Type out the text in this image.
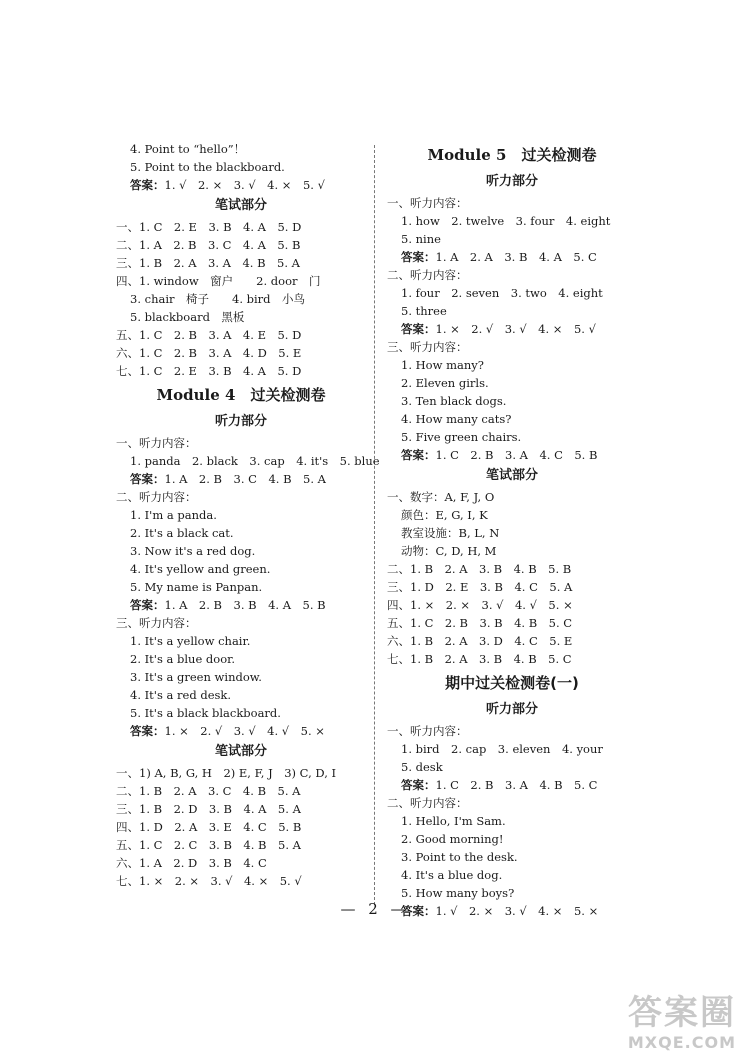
4. Point to “hello”！
5. Point to the blackboard.
答案：1. √　2. ×　3. √　4. ×　5. √
笔试部分
一、1. C　2. E　3. B　4. A　5. D
二、1. A　2. B　3. C　4. A　5. B
三、1. B　2. A　3. A　4. B　5. A
四、1. window　窗户　　2. door　门
3. chair　椅子　　4. bird　小鸟
5. blackboard　黑板
五、1. C　2. B　3. A　4. E　5. D
六、1. C　2. B　3. A　4. D　5. E
七、1. C　2. E　3. B　4. A　5. D
Module 4　 过关检测卷
听力部分
一、听力内容：
1. panda　2. black　3. cap　4. it's　5. blue
答案：1. A　2. B　3. C　4. B　5. A
二、听力内容：
1. I'm a panda.
2. It's a black cat.
3. Now it's a red dog.
4. It's yellow and green.
5. My name is Panpan.
答案：1. A　2. B　3. B　4. A　5. B
三、听力内容：
1. It's a yellow chair.
2. It's a blue door.
3. It's a green window.
4. It's a red desk.
5. It's a black blackboard.
答案：1. ×　2. √　3. √　4. √　5. ×
笔试部分
一、1) A, B, G, H　2) E, F, J　3) C, D, I
二、1. B　2. A　3. C　4. B　5. A
三、1. B　2. D　3. B　4. A　5. A
四、1. D　2. A　3. E　4. C　5. B
五、1. C　2. C　3. B　4. B　5. A
六、1. A　2. D　3. B　4. C
七、1. ×　2. ×　3. √　4. ×　5. √
Module 5　 过关检测卷
听力部分
一、听力内容：
1. how　2. twelve　3. four　4. eight
5. nine
答案：1. A　2. A　3. B　4. A　5. C
二、听力内容：
1. four　2. seven　3. two　4. eight
5. three
答案：1. ×　2. √　3. √　4. ×　5. √
三、听力内容：
1. How many?
2. Eleven girls.
3. Ten black dogs.
4. How many cats?
5. Five green chairs.
答案：1. C　2. B　3. A　4. C　5. B
笔试部分
一、数字：A, F, J, O
颜色：E, G, I, K
教室设施：B, L, N
动物：C, D, H, M
二、1. B　2. A　3. B　4. B　5. B
三、1. D　2. E　3. B　4. C　5. A
四、1. ×　2. ×　3. √　4. √　5. ×
五、1. C　2. B　3. B　4. B　5. C
六、1. B　2. A　3. D　4. C　5. E
七、1. B　2. A　3. B　4. B　5. C
期中过关检测卷(一)
听力部分
一、听力内容：
1. bird　2. cap　3. eleven　4. your
5. desk
答案：1. C　2. B　3. A　4. B　5. C
二、听力内容：
1. Hello, I'm Sam.
2. Good morning!
3. Point to the desk.
4. It's a blue dog.
5. How many boys?
答案：1. √　2. ×　3. √　4. ×　5. ×
— 2 —
答案圈
MXQE.COM
